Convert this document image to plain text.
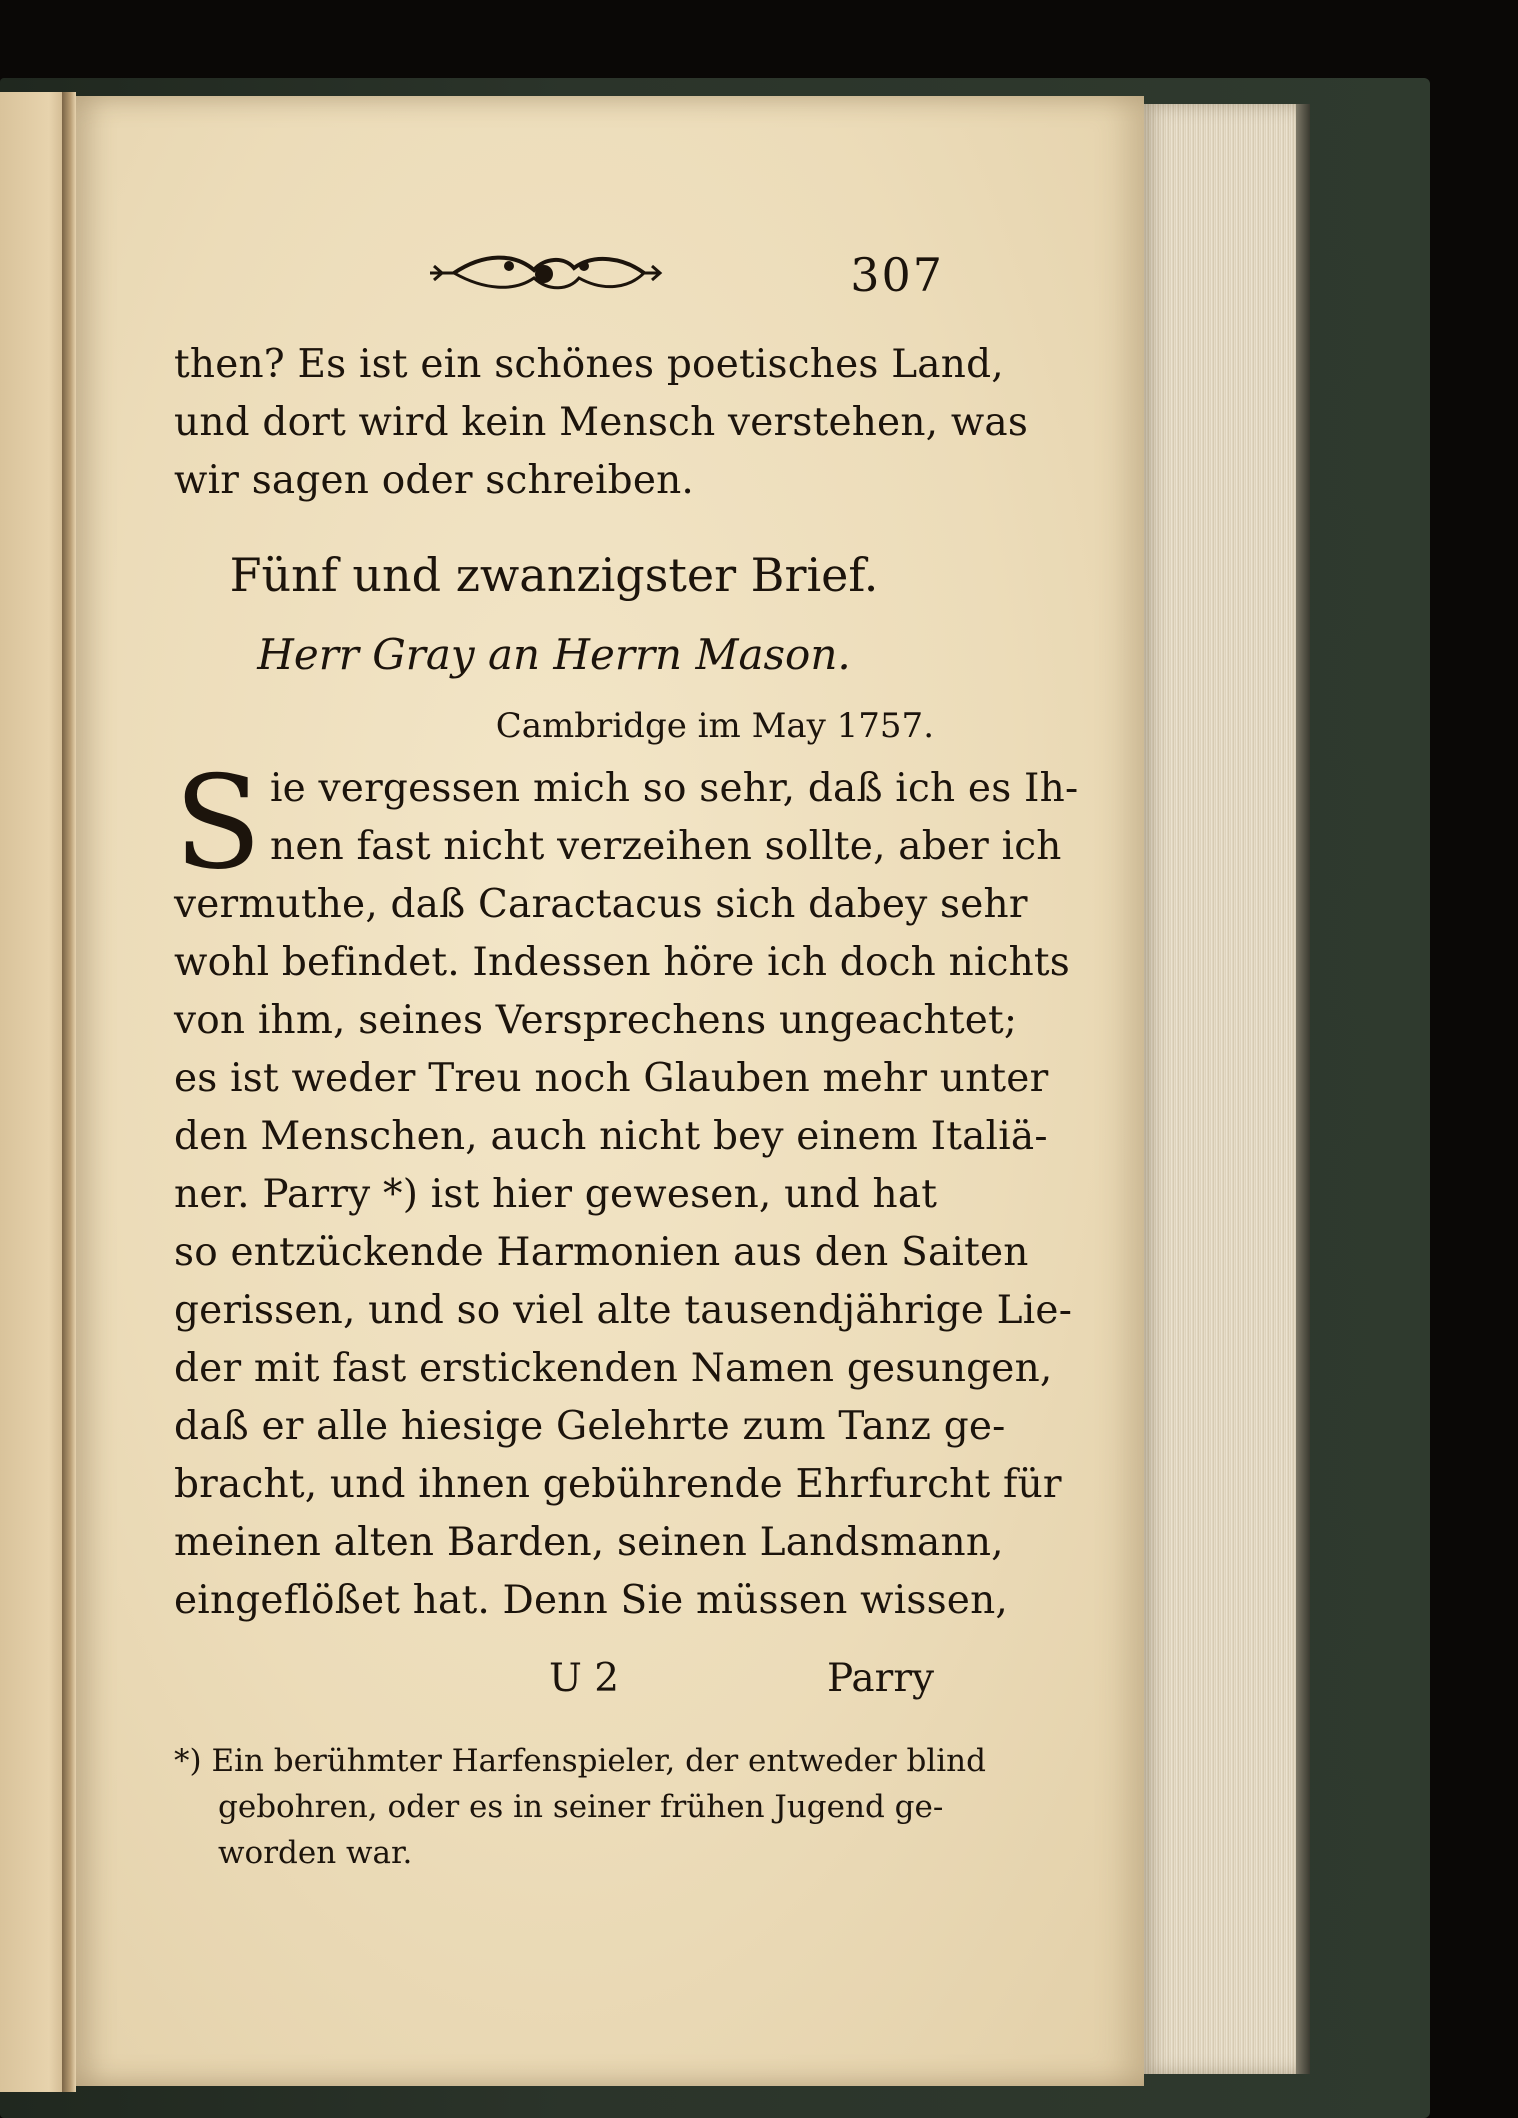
307
then? Es ist ein schönes poetisches Land,
und dort wird kein Mensch verstehen, was
wir sagen oder schreiben.
Fünf und zwanzigster Brief.
Herr Gray an Herrn Mason.
Cambridge im May 1757.
S ie vergessen mich so sehr, daß ich es Ih-
nen fast nicht verzeihen sollte, aber ich
vermuthe, daß Caractacus sich dabey sehr
wohl befindet. Indessen höre ich doch nichts
von ihm, seines Versprechens ungeachtet;
es ist weder Treu noch Glauben mehr unter
den Menschen, auch nicht bey einem Italiä-
ner. Parry *) ist hier gewesen, und hat
so entzückende Harmonien aus den Saiten
gerissen, und so viel alte tausendjährige Lie-
der mit fast erstickenden Namen gesungen,
daß er alle hiesige Gelehrte zum Tanz ge-
bracht, und ihnen gebührende Ehrfurcht für
meinen alten Barden, seinen Landsmann,
eingeflößet hat. Denn Sie müssen wissen,
U 2	Parry
*) Ein berühmter Harfenspieler, der entweder blind
gebohren, oder es in seiner frühen Jugend ge-
worden war.
